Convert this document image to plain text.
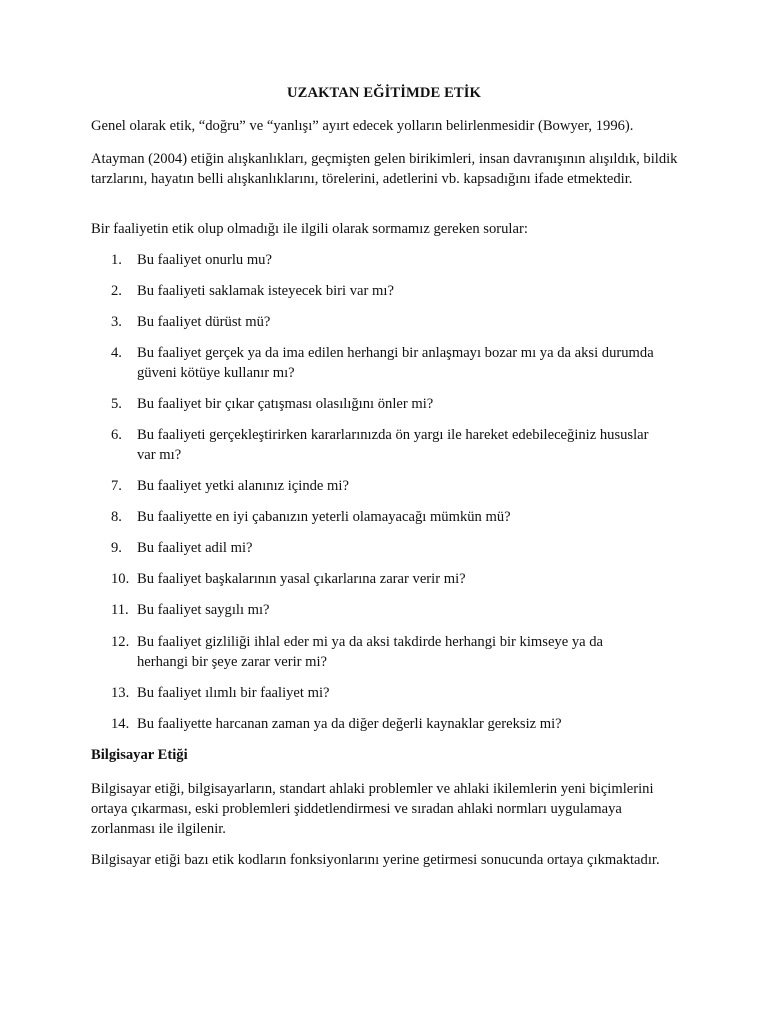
UZAKTAN EĞİTİMDE ETİK

Genel olarak etik, “doğru” ve “yanlışı” ayırt edecek yolların belirlenmesidir (Bowyer, 1996).

Atayman (2004) etiğin alışkanlıkları, geçmişten gelen birikimleri, insan davranışının alışıldık, bildik tarzlarını, hayatın belli alışkanlıklarını, törelerini, adetlerini vb. kapsadığını ifade etmektedir.

Bir faaliyetin etik olup olmadığı ile ilgili olarak sormamız gereken sorular:

1.	Bu faaliyet onurlu mu?
2.	Bu faaliyeti saklamak isteyecek biri var mı?
3.	Bu faaliyet dürüst mü?
4.	Bu faaliyet gerçek ya da ima edilen herhangi bir anlaşmayı bozar mı ya da aksi durumda güveni kötüye kullanır mı?
5.	Bu faaliyet bir çıkar çatışması olasılığını önler mi?
6.	Bu faaliyeti gerçekleştirirken kararlarınızda ön yargı ile hareket edebileceğiniz hususlar var mı?
7.	Bu faaliyet yetki alanınız içinde mi?
8.	Bu faaliyette en iyi çabanızın yeterli olamayacağı mümkün mü?
9.	Bu faaliyet adil mi?
10. Bu faaliyet başkalarının yasal çıkarlarına zarar verir mi?
11. Bu faaliyet saygılı mı?
12. Bu faaliyet gizliliği ihlal eder mi ya da aksi takdirde herhangi bir kimseye ya da herhangi bir şeye zarar verir mi?
13. Bu faaliyet ılımlı bir faaliyet mi?
14. Bu faaliyette harcanan zaman ya da diğer değerli kaynaklar gereksiz mi?
Bilgisayar Etiği

Bilgisayar etiği, bilgisayarların, standart ahlaki problemler ve ahlaki ikilemlerin yeni biçimlerini ortaya çıkarması, eski problemleri şiddetlendirmesi ve sıradan ahlaki normları uygulamaya zorlanması ile ilgilenir.

Bilgisayar etiği bazı etik kodların fonksiyonlarını yerine getirmesi sonucunda ortaya çıkmaktadır.
